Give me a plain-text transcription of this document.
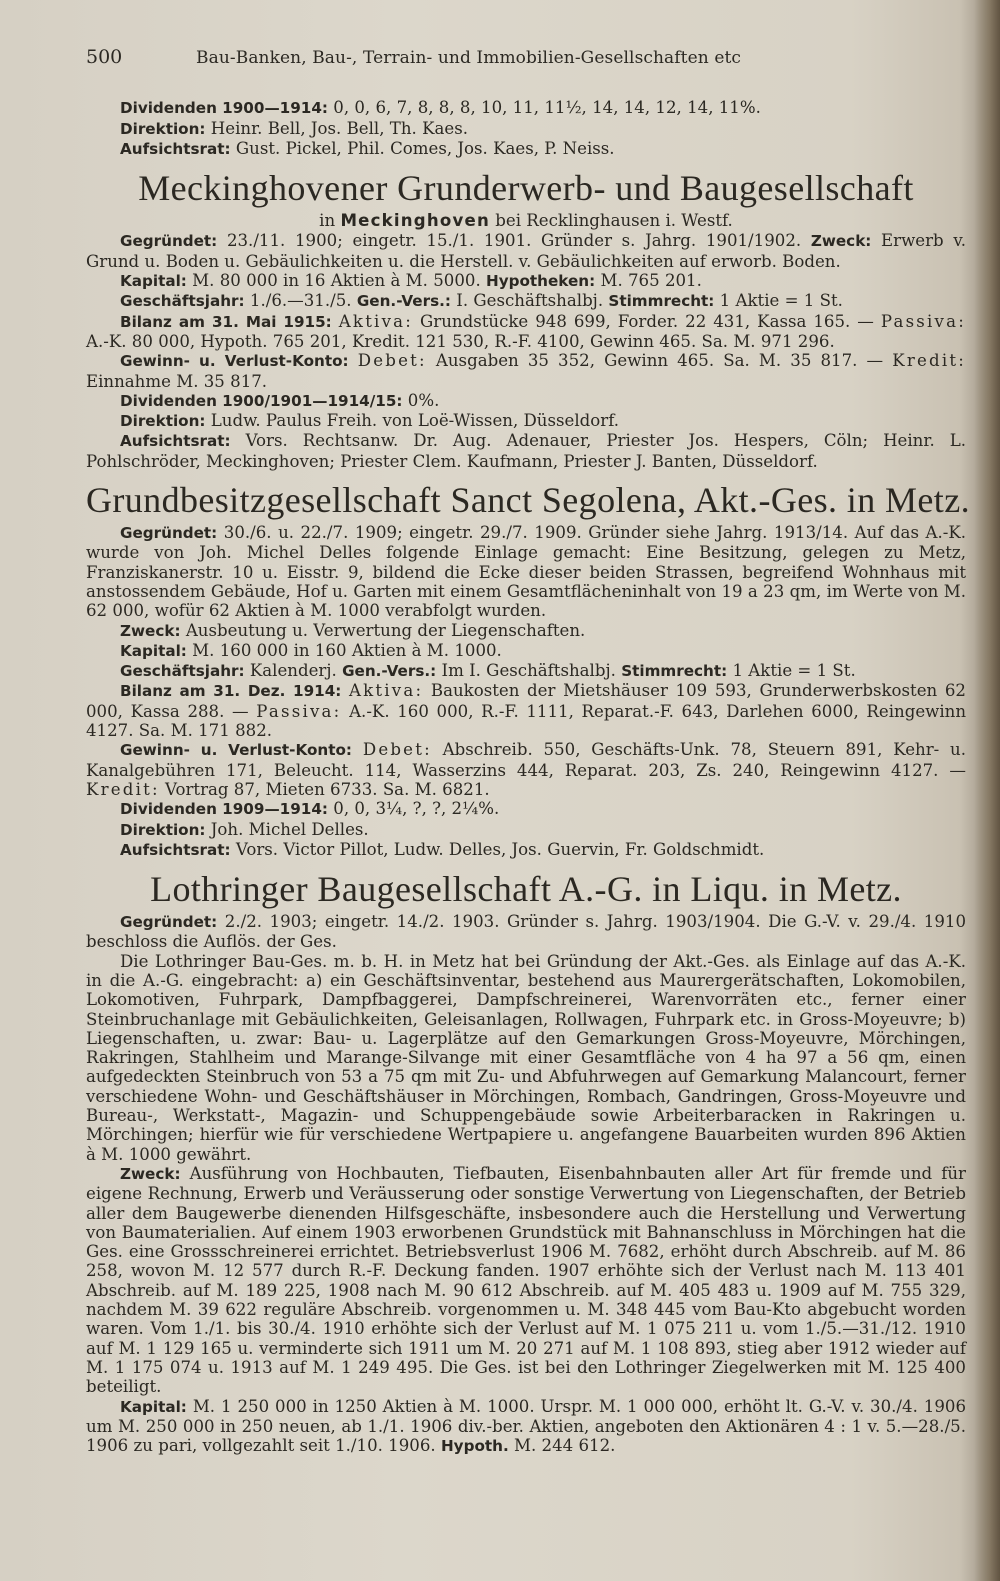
500	Bau-Banken, Bau-, Terrain- und Immobilien-Gesellschaften etc

Dividenden 1900—1914: 0, 0, 6, 7, 8, 8, 8, 10, 11, 11½, 14, 14, 12, 14, 11%.

Direktion: Heinr. Bell, Jos. Bell, Th. Kaes.

Aufsichtsrat: Gust. Pickel, Phil. Comes, Jos. Kaes, P. Neiss.

Meckinghovener Grunderwerb- und Baugesellschaft
in Meckinghoven bei Recklinghausen i. Westf.

Gegründet: 23./11. 1900; eingetr. 15./1. 1901. Gründer s. Jahrg. 1901/1902. Zweck: Erwerb v. Grund u. Boden u. Gebäulichkeiten u. die Herstell. v. Gebäulichkeiten auf erworb. Boden.

Kapital: M. 80 000 in 16 Aktien à M. 5000. Hypotheken: M. 765 201.

Geschäftsjahr: 1./6.—31./5. Gen.-Vers.: I. Geschäftshalbj. Stimmrecht: 1 Aktie = 1 St.

Bilanz am 31. Mai 1915: Aktiva: Grundstücke 948 699, Forder. 22 431, Kassa 165. — Passiva: A.-K. 80 000, Hypoth. 765 201, Kredit. 121 530, R.-F. 4100, Gewinn 465. Sa. M. 971 296.

Gewinn- u. Verlust-Konto: Debet: Ausgaben 35 352, Gewinn 465. Sa. M. 35 817. — Kredit: Einnahme M. 35 817.

Dividenden 1900/1901—1914/15: 0%.

Direktion: Ludw. Paulus Freih. von Loë-Wissen, Düsseldorf.

Aufsichtsrat: Vors. Rechtsanw. Dr. Aug. Adenauer, Priester Jos. Hespers, Cöln; Heinr. L. Pohlschröder, Meckinghoven; Priester Clem. Kaufmann, Priester J. Banten, Düsseldorf.

Grundbesitzgesellschaft Sanct Segolena, Akt.-Ges. in Metz.

Gegründet: 30./6. u. 22./7. 1909; eingetr. 29./7. 1909. Gründer siehe Jahrg. 1913/14. Auf das A.-K. wurde von Joh. Michel Delles folgende Einlage gemacht: Eine Besitzung, gelegen zu Metz, Franziskanerstr. 10 u. Eisstr. 9, bildend die Ecke dieser beiden Strassen, begreifend Wohnhaus mit anstossendem Gebäude, Hof u. Garten mit einem Gesamtflächeninhalt von 19 a 23 qm, im Werte von M. 62 000, wofür 62 Aktien à M. 1000 verabfolgt wurden.

Zweck: Ausbeutung u. Verwertung der Liegenschaften.

Kapital: M. 160 000 in 160 Aktien à M. 1000.

Geschäftsjahr: Kalenderj. Gen.-Vers.: Im I. Geschäftshalbj. Stimmrecht: 1 Aktie = 1 St.

Bilanz am 31. Dez. 1914: Aktiva: Baukosten der Mietshäuser 109 593, Grunderwerbskosten 62 000, Kassa 288. — Passiva: A.-K. 160 000, R.-F. 1111, Reparat.-F. 643, Darlehen 6000, Reingewinn 4127. Sa. M. 171 882.

Gewinn- u. Verlust-Konto: Debet: Abschreib. 550, Geschäfts-Unk. 78, Steuern 891, Kehr- u. Kanalgebühren 171, Beleucht. 114, Wasserzins 444, Reparat. 203, Zs. 240, Reingewinn 4127. — Kredit: Vortrag 87, Mieten 6733. Sa. M. 6821.

Dividenden 1909—1914: 0, 0, 3¼, ?, ?, 2¼%.

Direktion: Joh. Michel Delles.

Aufsichtsrat: Vors. Victor Pillot, Ludw. Delles, Jos. Guervin, Fr. Goldschmidt.

Lothringer Baugesellschaft A.-G. in Liqu. in Metz.

Gegründet: 2./2. 1903; eingetr. 14./2. 1903. Gründer s. Jahrg. 1903/1904. Die G.-V. v. 29./4. 1910 beschloss die Auflös. der Ges.

Die Lothringer Bau-Ges. m. b. H. in Metz hat bei Gründung der Akt.-Ges. als Einlage auf das A.-K. in die A.-G. eingebracht: a) ein Geschäftsinventar, bestehend aus Maurergerätschaften, Lokomobilen, Lokomotiven, Fuhrpark, Dampfbaggerei, Dampfschreinerei, Warenvorräten etc., ferner einer Steinbruchanlage mit Gebäulichkeiten, Geleisanlagen, Rollwagen, Fuhrpark etc. in Gross-Moyeuvre; b) Liegenschaften, u. zwar: Bau- u. Lagerplätze auf den Gemarkungen Gross-Moyeuvre, Mörchingen, Rakringen, Stahlheim und Marange-Silvange mit einer Gesamtfläche von 4 ha 97 a 56 qm, einen aufgedeckten Steinbruch von 53 a 75 qm mit Zu- und Abfuhrwegen auf Gemarkung Malancourt, ferner verschiedene Wohn- und Geschäftshäuser in Mörchingen, Rombach, Gandringen, Gross-Moyeuvre und Bureau-, Werkstatt-, Magazin- und Schuppengebäude sowie Arbeiterbaracken in Rakringen u. Mörchingen; hierfür wie für verschiedene Wertpapiere u. angefangene Bauarbeiten wurden 896 Aktien à M. 1000 gewährt.

Zweck: Ausführung von Hochbauten, Tiefbauten, Eisenbahnbauten aller Art für fremde und für eigene Rechnung, Erwerb und Veräusserung oder sonstige Verwertung von Liegenschaften, der Betrieb aller dem Baugewerbe dienenden Hilfsgeschäfte, insbesondere auch die Herstellung und Verwertung von Baumaterialien. Auf einem 1903 erworbenen Grundstück mit Bahnanschluss in Mörchingen hat die Ges. eine Grossschreinerei errichtet. Betriebsverlust 1906 M. 7682, erhöht durch Abschreib. auf M. 86 258, wovon M. 12 577 durch R.-F. Deckung fanden. 1907 erhöhte sich der Verlust nach M. 113 401 Abschreib. auf M. 189 225, 1908 nach M. 90 612 Abschreib. auf M. 405 483 u. 1909 auf M. 755 329, nachdem M. 39 622 reguläre Abschreib. vorgenommen u. M. 348 445 vom Bau-Kto abgebucht worden waren. Vom 1./1. bis 30./4. 1910 erhöhte sich der Verlust auf M. 1 075 211 u. vom 1./5.—31./12. 1910 auf M. 1 129 165 u. verminderte sich 1911 um M. 20 271 auf M. 1 108 893, stieg aber 1912 wieder auf M. 1 175 074 u. 1913 auf M. 1 249 495. Die Ges. ist bei den Lothringer Ziegelwerken mit M. 125 400 beteiligt.

Kapital: M. 1 250 000 in 1250 Aktien à M. 1000. Urspr. M. 1 000 000, erhöht lt. G.-V. v. 30./4. 1906 um M. 250 000 in 250 neuen, ab 1./1. 1906 div.-ber. Aktien, angeboten den Aktionären 4 : 1 v. 5.—28./5. 1906 zu pari, vollgezahlt seit 1./10. 1906. Hypoth. M. 244 612.
